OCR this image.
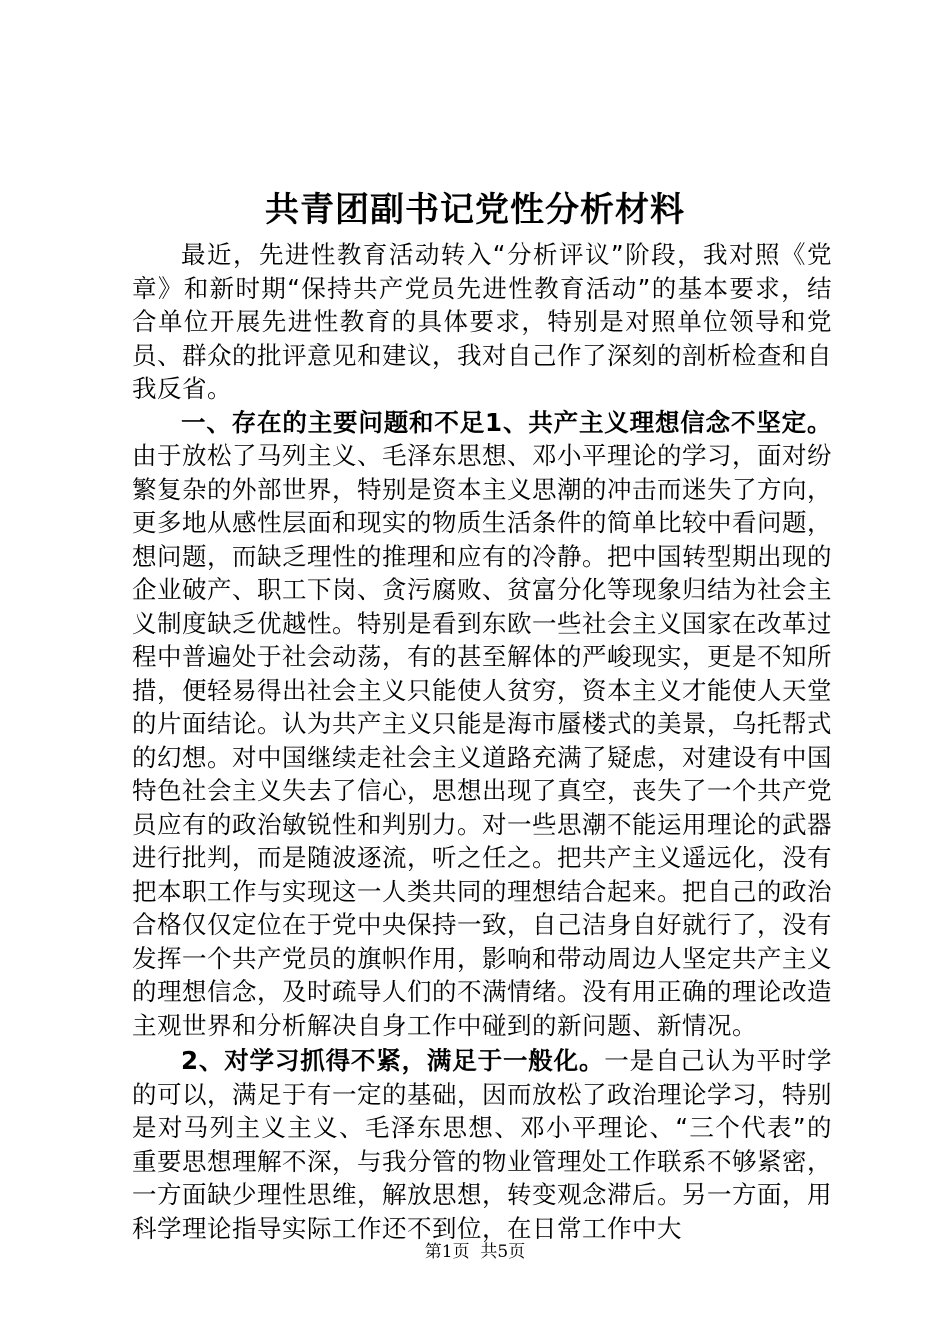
共青团副书记党性分析材料

最近，先进性教育活动转入“分析评议”阶段，我对照《党章》和新时期“保持共产党员先进性教育活动”的基本要求，结合单位开展先进性教育的具体要求，特别是对照单位领导和党员、群众的批评意见和建议，我对自己作了深刻的剖析检查和自我反省。

一、存在的主要问题和不足1、共产主义理想信念不坚定。由于放松了马列主义、毛泽东思想、邓小平理论的学习，面对纷繁复杂的外部世界，特别是资本主义思潮的冲击而迷失了方向，更多地从感性层面和现实的物质生活条件的简单比较中看问题，想问题，而缺乏理性的推理和应有的冷静。把中国转型期出现的企业破产、职工下岗、贪污腐败、贫富分化等现象归结为社会主义制度缺乏优越性。特别是看到东欧一些社会主义国家在改革过程中普遍处于社会动荡，有的甚至解体的严峻现实，更是不知所措，便轻易得出社会主义只能使人贫穷，资本主义才能使人天堂的片面结论。认为共产主义只能是海市蜃楼式的美景，乌托帮式的幻想。对中国继续走社会主义道路充满了疑虑，对建设有中国特色社会主义失去了信心，思想出现了真空，丧失了一个共产党员应有的政治敏锐性和判别力。对一些思潮不能运用理论的武器进行批判，而是随波逐流，听之任之。把共产主义遥远化，没有把本职工作与实现这一人类共同的理想结合起来。把自己的政治合格仅仅定位在于党中央保持一致，自己洁身自好就行了，没有发挥一个共产党员的旗帜作用，影响和带动周边人坚定共产主义的理想信念，及时疏导人们的不满情绪。没有用正确的理论改造主观世界和分析解决自身工作中碰到的新问题、新情况。

2、对学习抓得不紧，满足于一般化。一是自己认为平时学的可以，满足于有一定的基础，因而放松了政治理论学习，特别是对马列主义主义、毛泽东思想、邓小平理论、“三个代表”的重要思想理解不深，与我分管的物业管理处工作联系不够紧密，一方面缺少理性思维，解放思想，转变观念滞后。另一方面，用科学理论指导实际工作还不到位，在日常工作中大

第1页 共5页
